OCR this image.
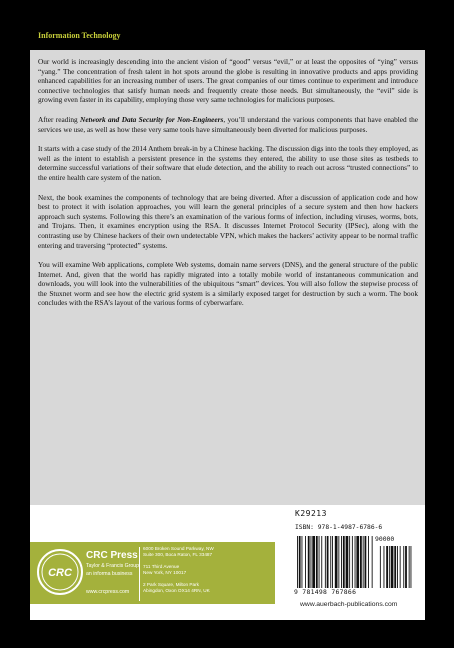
Information Technology

Our world is increasingly descending into the ancient vision of “good” versus “evil,” or at least the opposites of “ying” versus “yang.” The concentration of fresh talent in hot spots around the globe is resulting in innovative products and apps providing enhanced capabilities for an increasing number of users. The great companies of our times continue to experiment and introduce connective technologies that satisfy human needs and frequently create those needs. But simultaneously, the “evil” side is growing even faster in its capability, employing those very same technologies for malicious purposes.

After reading Network and Data Security for Non-Engineers, you’ll understand the various components that have enabled the services we use, as well as how these very same tools have simultaneously been diverted for malicious purposes.

It starts with a case study of the 2014 Anthem break-in by a Chinese hacking. The discussion digs into the tools they employed, as well as the intent to establish a persistent presence in the systems they entered, the ability to use those sites as testbeds to determine successful variations of their software that elude detection, and the ability to reach out across “trusted connections” to the entire health care system of the nation.

Next, the book examines the components of technology that are being diverted. After a discussion of application code and how best to protect it with isolation approaches, you will learn the general principles of a secure system and then how hackers approach such systems. Following this there’s an examination of the various forms of infection, including viruses, worms, bots, and Trojans. Then, it examines encryption using the RSA. It discusses Internet Protocol Security (IPSec), along with the contrasting use by Chinese hackers of their own undetectable VPN, which makes the hackers’ activity appear to be normal traffic entering and traversing “protected” systems.

You will examine Web applications, complete Web systems, domain name servers (DNS), and the general structure of the public Internet. And, given that the world has rapidly migrated into a totally mobile world of instantaneous communication and downloads, you will look into the vulnerabilities of the ubiquitous “smart” devices. You will also follow the stepwise process of the Stuxnet worm and see how the electric grid system is a similarly exposed target for destruction by such a worm. The book concludes with the RSA’s layout of the various forms of cyberwarfare.

CRC
CRC Press
Taylor & Francis Group
an informa business
www.crcpress.com
6000 Broken Sound Parkway, NW
Suite 300, Boca Raton, FL 33487
711 Third Avenue
New York, NY 10017
2 Park Square, Milton Park
Abingdon, Oxon OX14 4RN, UK
K29213
ISBN: 978-1-4987-6786-6
90000
9 781498 767866
www.auerbach-publications.com
